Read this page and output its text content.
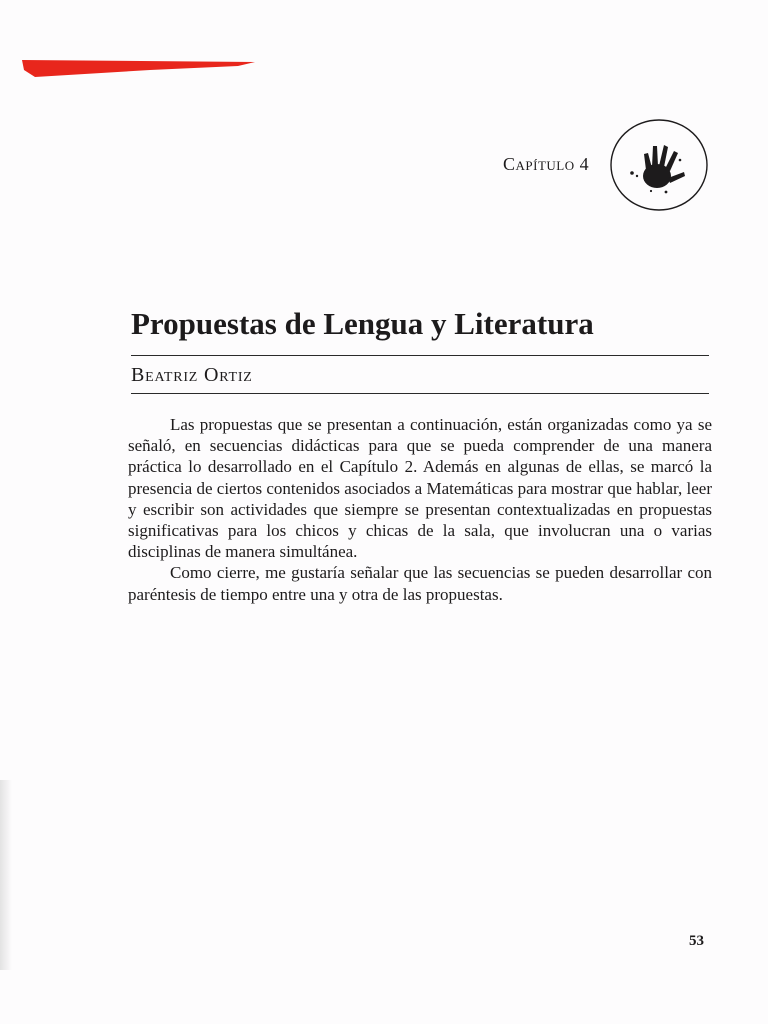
Capítulo 4
Propuestas de Lengua y Literatura
Beatriz Ortiz

Las propuestas que se presentan a continuación, están organizadas como ya se señaló, en secuencias didácticas para que se pueda comprender de una manera práctica lo desarrollado en el Capítulo 2. Además en algunas de ellas, se marcó la presencia de ciertos contenidos asociados a Matemáticas para mostrar que hablar, leer y escribir son actividades que siempre se presentan contextualizadas en propuestas significativas para los chicos y chicas de la sala, que involucran una o varias disciplinas de manera simultánea.

Como cierre, me gustaría señalar que las secuencias se pueden desarrollar con paréntesis de tiempo entre una y otra de las propuestas.

53
